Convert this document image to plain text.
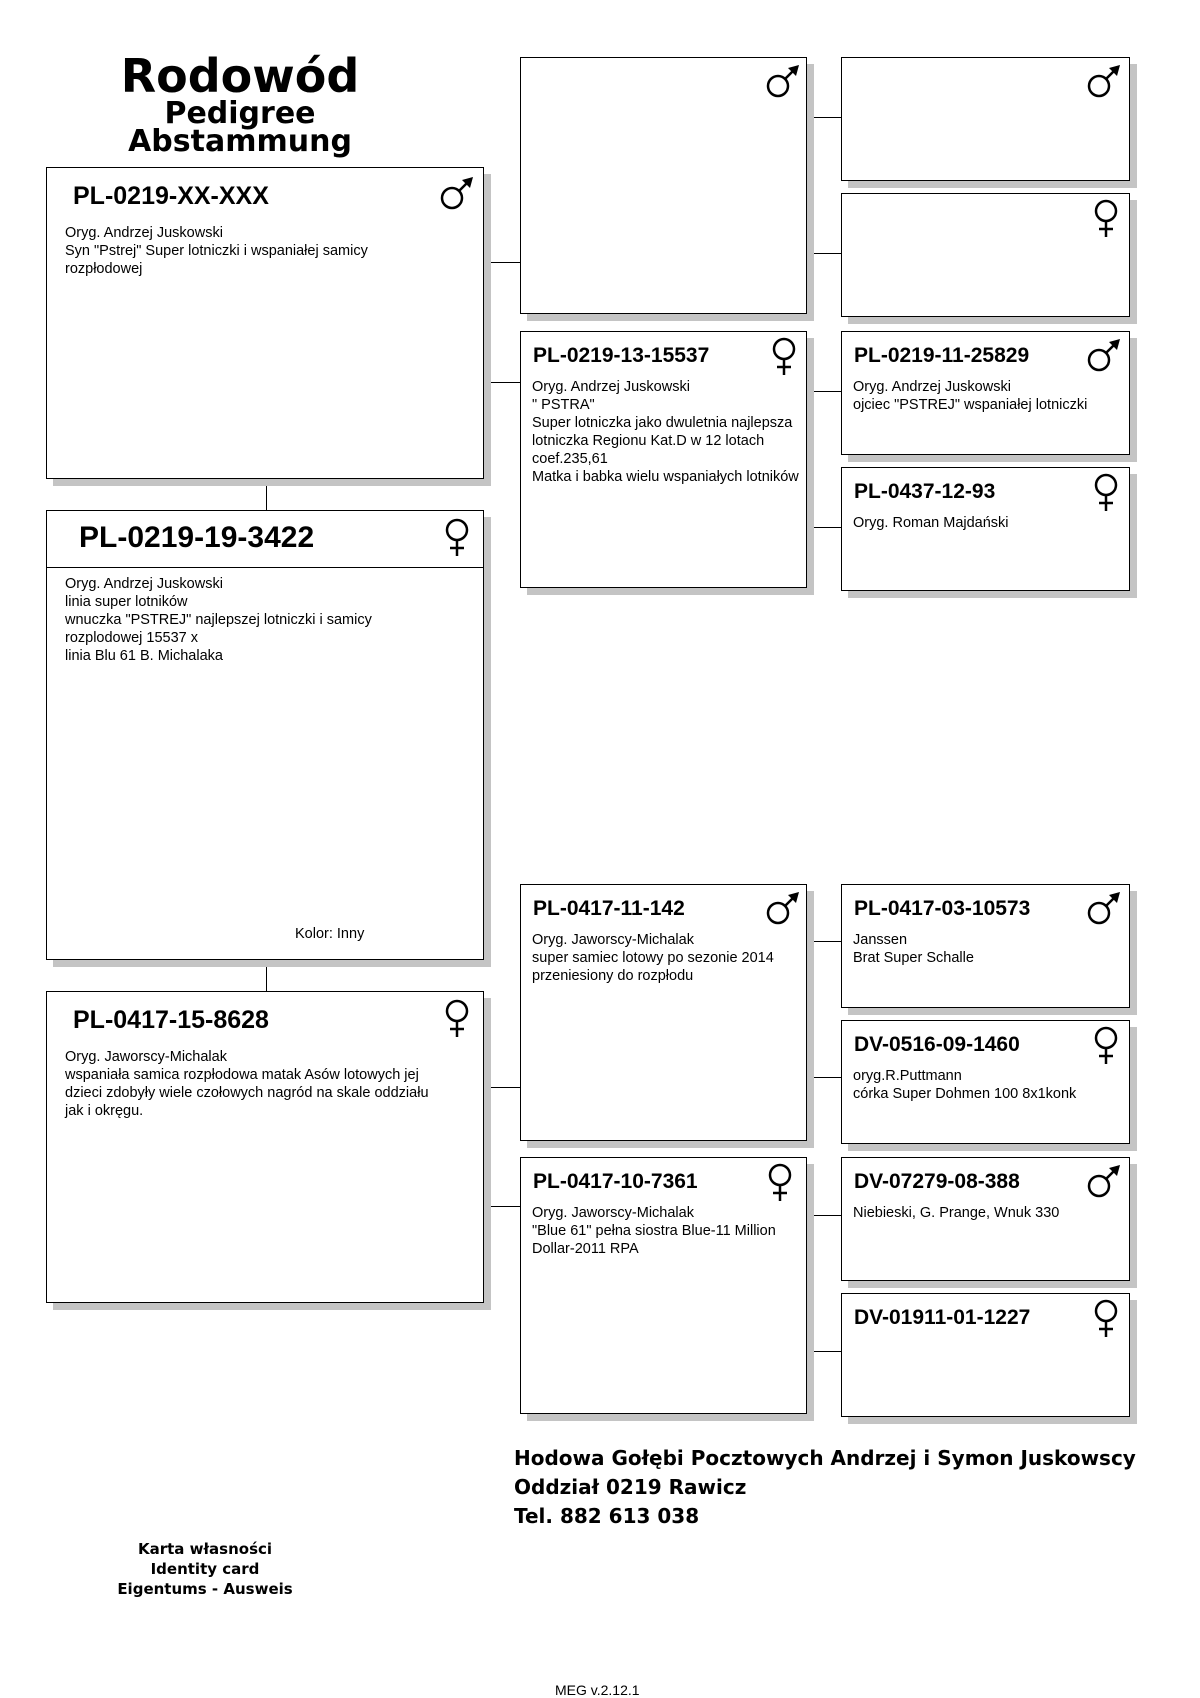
Rodowód
Pedigree
Abstammung
PL-0219-XX-XXX
Oryg. Andrzej Juskowski
Syn "Pstrej" Super lotniczki i wspaniałej samicy rozpłodowej
PL-0219-19-3422
Oryg. Andrzej Juskowski
linia super lotników
wnuczka "PSTREJ" najlepszej lotniczki i samicy rozplodowej 15537 x
linia Blu 61 B. Michalaka
Kolor: Inny
PL-0417-15-8628
Oryg. Jaworscy-Michalak
wspaniała samica rozpłodowa matak Asów lotowych jej dzieci zdobyły wiele czołowych nagród na skale oddziału jak i okręgu.
PL-0219-13-15537
Oryg. Andrzej Juskowski
" PSTRA"
Super lotniczka jako dwuletnia najlepsza lotniczka Regionu Kat.D w 12 lotach coef.235,61
Matka i babka wielu wspaniałych lotników
PL-0417-11-142
Oryg. Jaworscy-Michalak
super samiec lotowy po sezonie 2014 przeniesiony do rozpłodu
PL-0417-10-7361
Oryg. Jaworscy-Michalak
"Blue 61" pełna siostra Blue-11 Million Dollar-2011 RPA
PL-0219-11-25829
Oryg. Andrzej Juskowski
ojciec "PSTREJ" wspaniałej lotniczki
PL-0437-12-93
Oryg. Roman Majdański
PL-0417-03-10573
Janssen
Brat Super Schalle
DV-0516-09-1460
oryg.R.Puttmann
córka Super Dohmen 100 8x1konk
DV-07279-08-388
Niebieski, G. Prange, Wnuk 330
DV-01911-01-1227
Hodowa Gołębi Pocztowych Andrzej i Symon Juskowscy
Oddział 0219 Rawicz
Tel. 882 613 038
Karta własności
Identity card
Eigentums - Ausweis
MEG v.2.12.1
